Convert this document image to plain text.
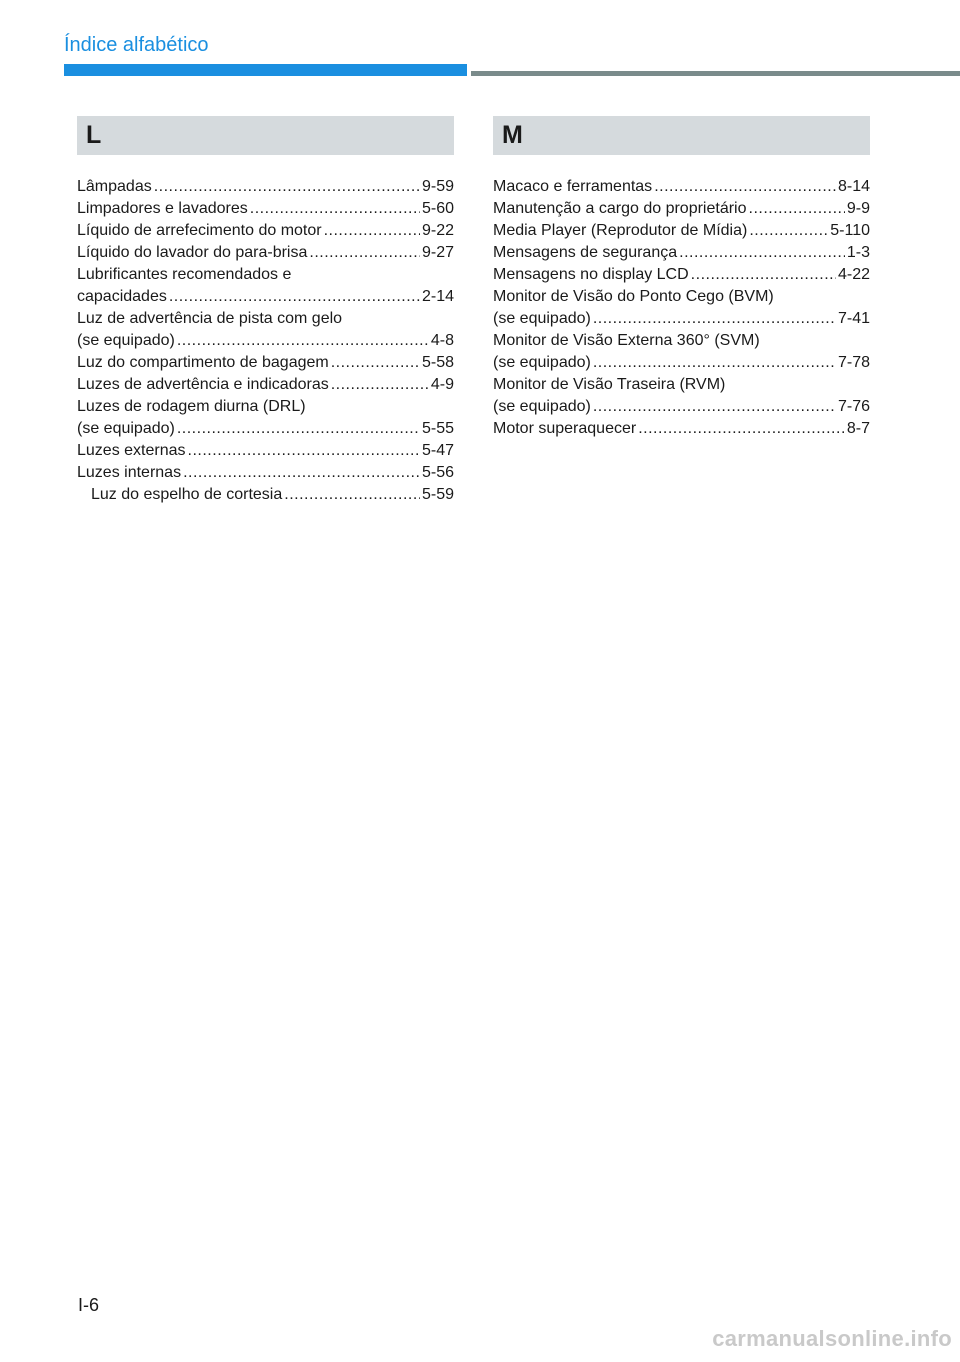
Índice alfabético
L
Lâmpadas .....	9-59
Limpadores e lavadores .....	5-60
Líquido de arrefecimento do motor .....	9-22
Líquido do lavador do para-brisa .....	9-27
Lubrificantes recomendados e
capacidades .....	2-14
Luz de advertência de pista com gelo
(se equipado) .....	4-8
Luz do compartimento de bagagem .....	5-58
Luzes de advertência e indicadoras .....	4-9
Luzes de rodagem diurna (DRL)
(se equipado) .....	5-55
Luzes externas .....	5-47
Luzes internas .....	5-56
Luz do espelho de cortesia .....	5-59
M
Macaco e ferramentas .....	8-14
Manutenção a cargo do proprietário .....	9-9
Media Player (Reprodutor de Mídia) .....	5-110
Mensagens de segurança .....	1-3
Mensagens no display LCD .....	4-22
Monitor de Visão do Ponto Cego (BVM)
(se equipado) .....	7-41
Monitor de Visão Externa 360° (SVM)
(se equipado) .....	7-78
Monitor de Visão Traseira (RVM)
(se equipado) .....	7-76
Motor superaquecer .....	8-7
I-6
carmanualsonline.info
